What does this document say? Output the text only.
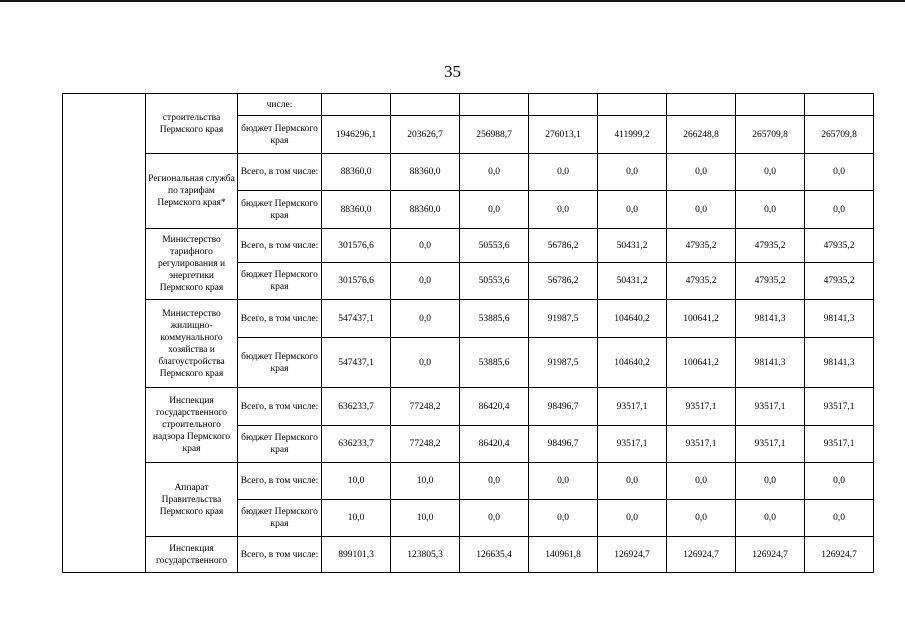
35
	строительства Пермского края	числе:								
		бюджет Пермского края	1946296,1	203626,7	256988,7	276013,1	411999,2	266248,8	265709,8	265709,8
	Региональная служба по тарифам Пермского края*	Всего, в том числе:	88360,0	88360,0	0,0	0,0	0,0	0,0	0,0	0,0
		бюджет Пермского края	88360,0	88360,0	0,0	0,0	0,0	0,0	0,0	0,0
	Министерство тарифного регулирования и энергетики Пермского края	Всего, в том числе:	301576,6	0,0	50553,6	56786,2	50431,2	47935,2	47935,2	47935,2
		бюджет Пермского края	301576,6	0,0	50553,6	56786,2	50431,2	47935,2	47935,2	47935,2
	Министерство жилищно-коммунального хозяйства и благоустройства Пермского края	Всего, в том числе:	547437,1	0,0	53885,6	91987,5	104640,2	100641,2	98141,3	98141,3
		бюджет Пермского края	547437,1	0,0	53885,6	91987,5	104640,2	100641,2	98141,3	98141,3
	Инспекция государственного строительного надзора Пермского края	Всего, в том числе:	636233,7	77248,2	86420,4	98496,7	93517,1	93517,1	93517,1	93517,1
		бюджет Пермского края	636233,7	77248,2	86420,4	98496,7	93517,1	93517,1	93517,1	93517,1
	Аппарат Правительства Пермского края	Всего, в том числе:	10,0	10,0	0,0	0,0	0,0	0,0	0,0	0,0
		бюджет Пермского края	10,0	10,0	0,0	0,0	0,0	0,0	0,0	0,0
	Инспекция государственного	Всего, в том числе:	899101,3	123805,3	126635,4	140961,8	126924,7	126924,7	126924,7	126924,7
